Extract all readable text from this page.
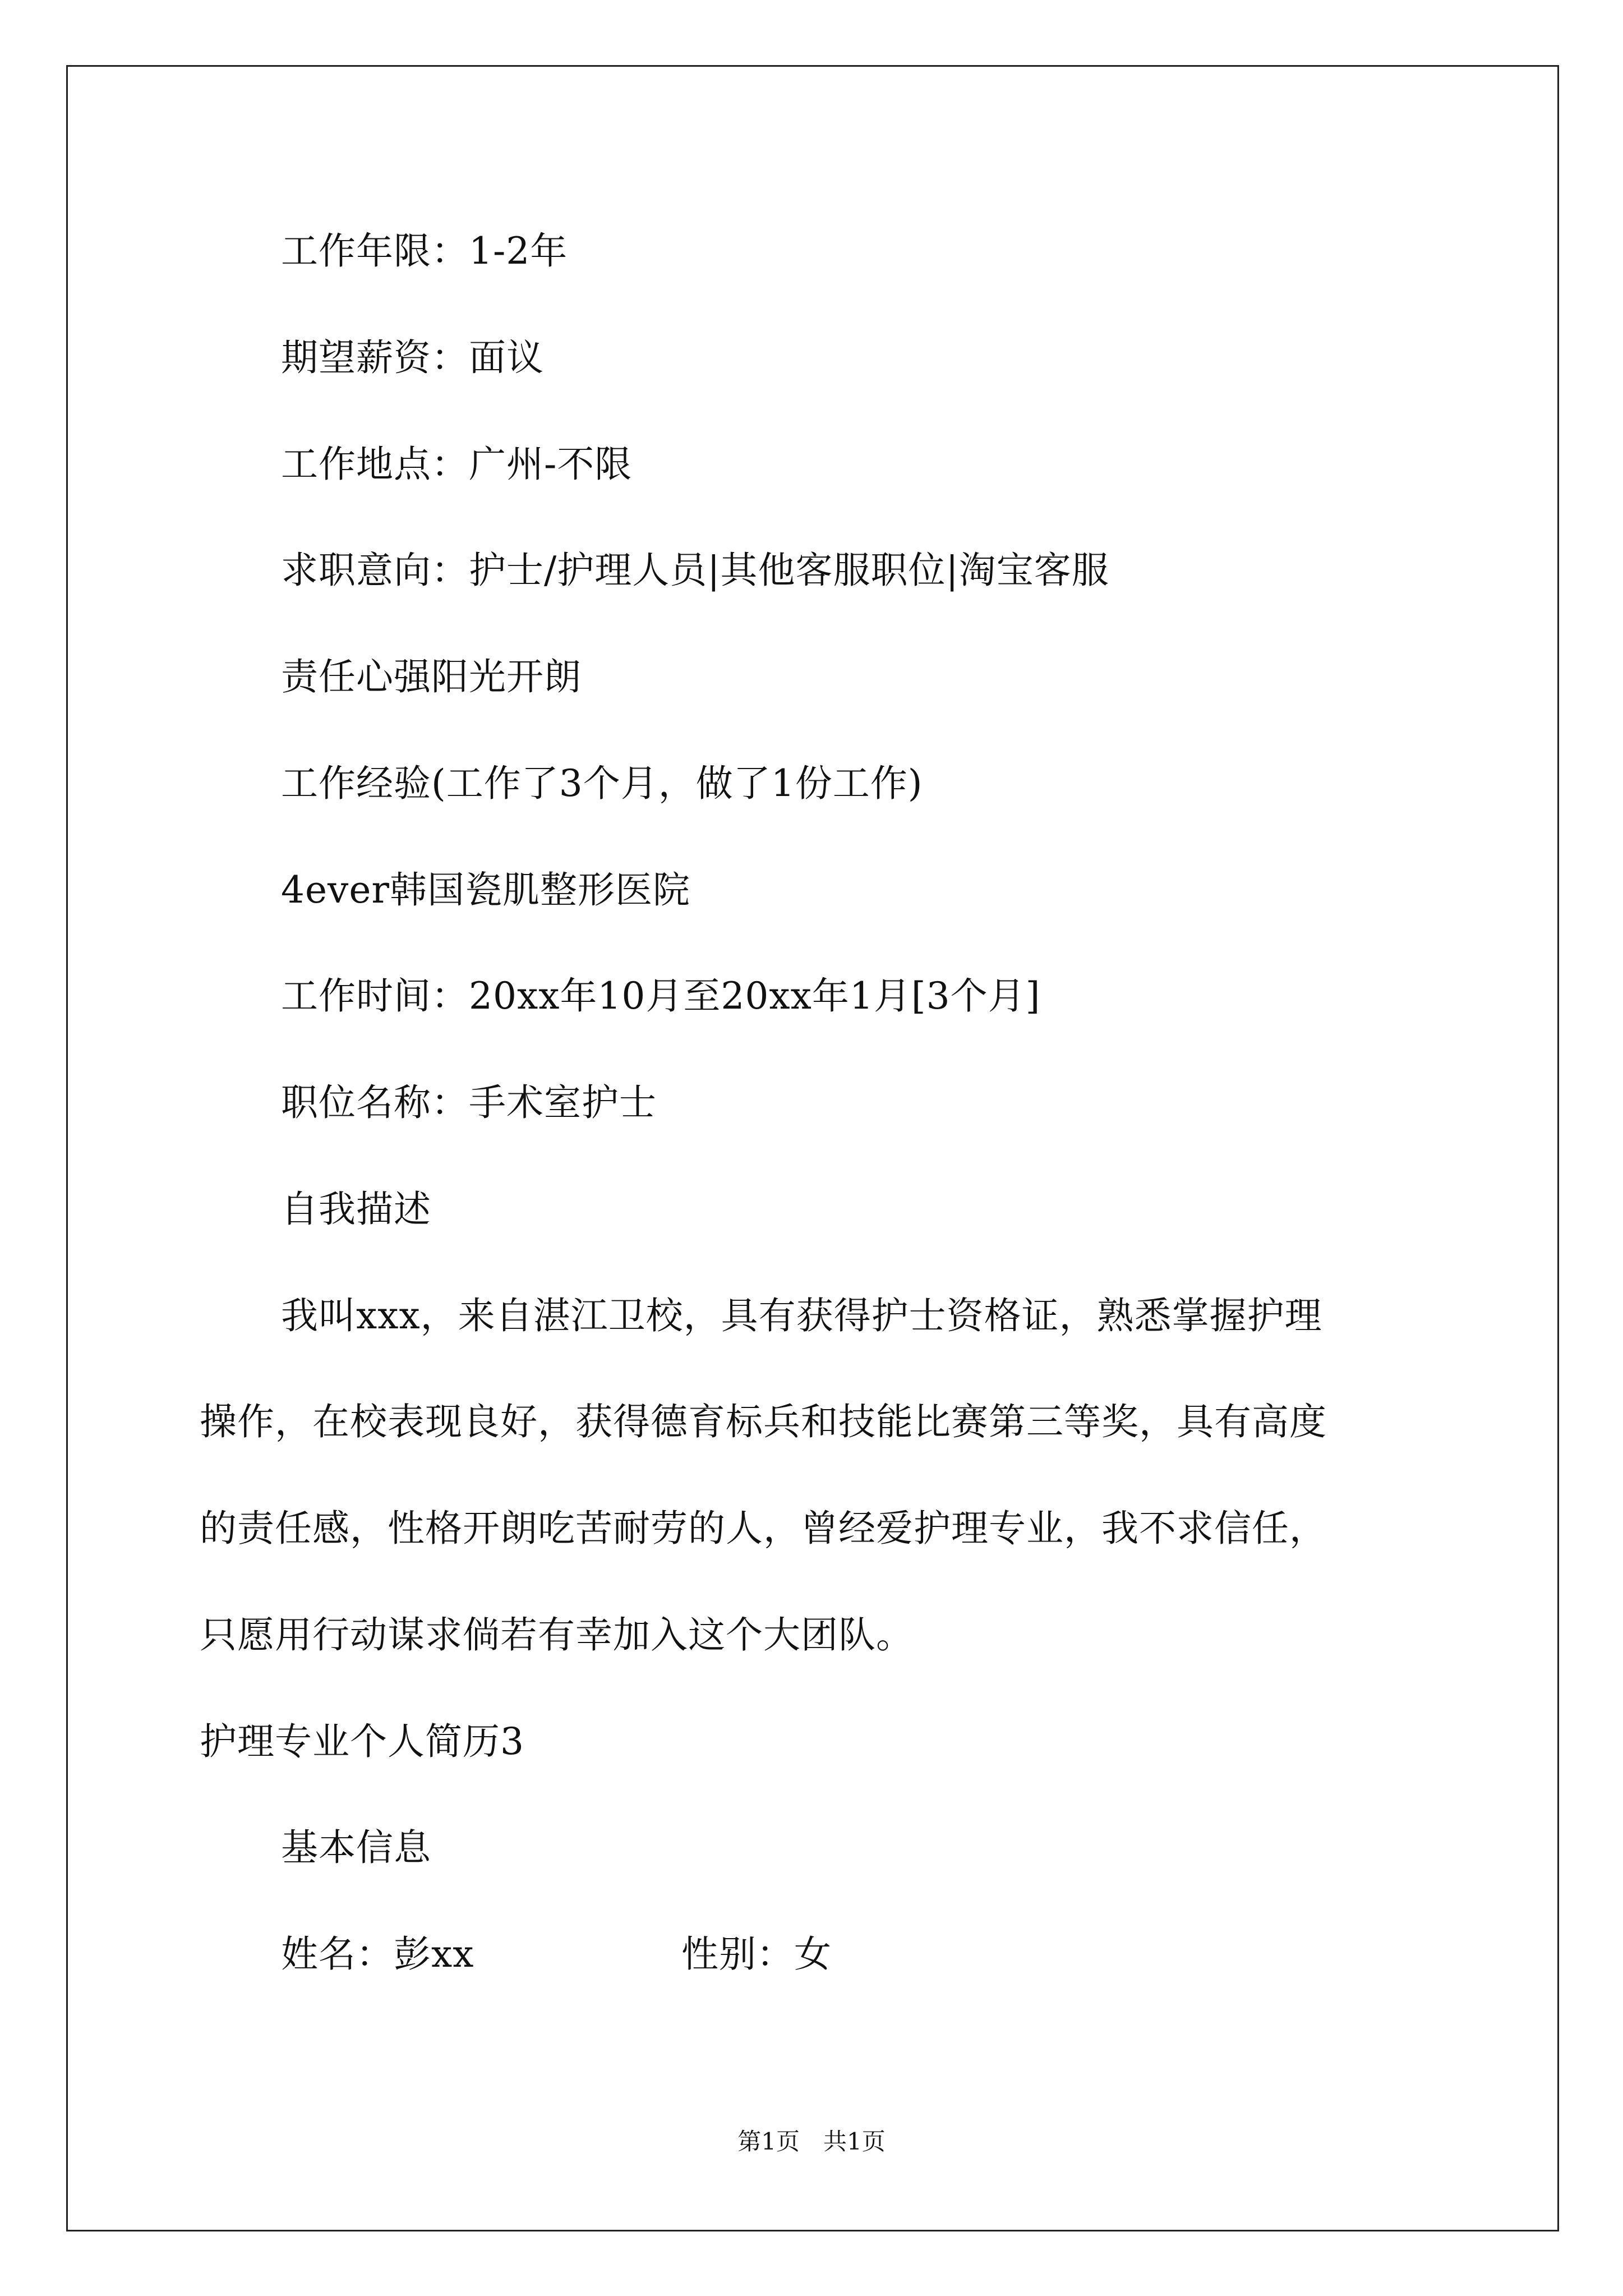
工作年限：1-2年
期望薪资：面议
工作地点：广州-不限
求职意向：护士/护理人员|其他客服职位|淘宝客服
责任心强阳光开朗
工作经验(工作了3个月，做了1份工作)
4ever韩国瓷肌整形医院
工作时间：20xx年10月至20xx年1月[3个月]
职位名称：手术室护士
自我描述
我叫xxx，来自湛江卫校，具有获得护士资格证，熟悉掌握护理
操作，在校表现良好，获得德育标兵和技能比赛第三等奖，具有高度
的责任感，性格开朗吃苦耐劳的人，曾经爱护理专业，我不求信任，
只愿用行动谋求倘若有幸加入这个大团队。
护理专业个人简历3
基本信息
姓名：彭xx	性别：女
第1页　共1页
